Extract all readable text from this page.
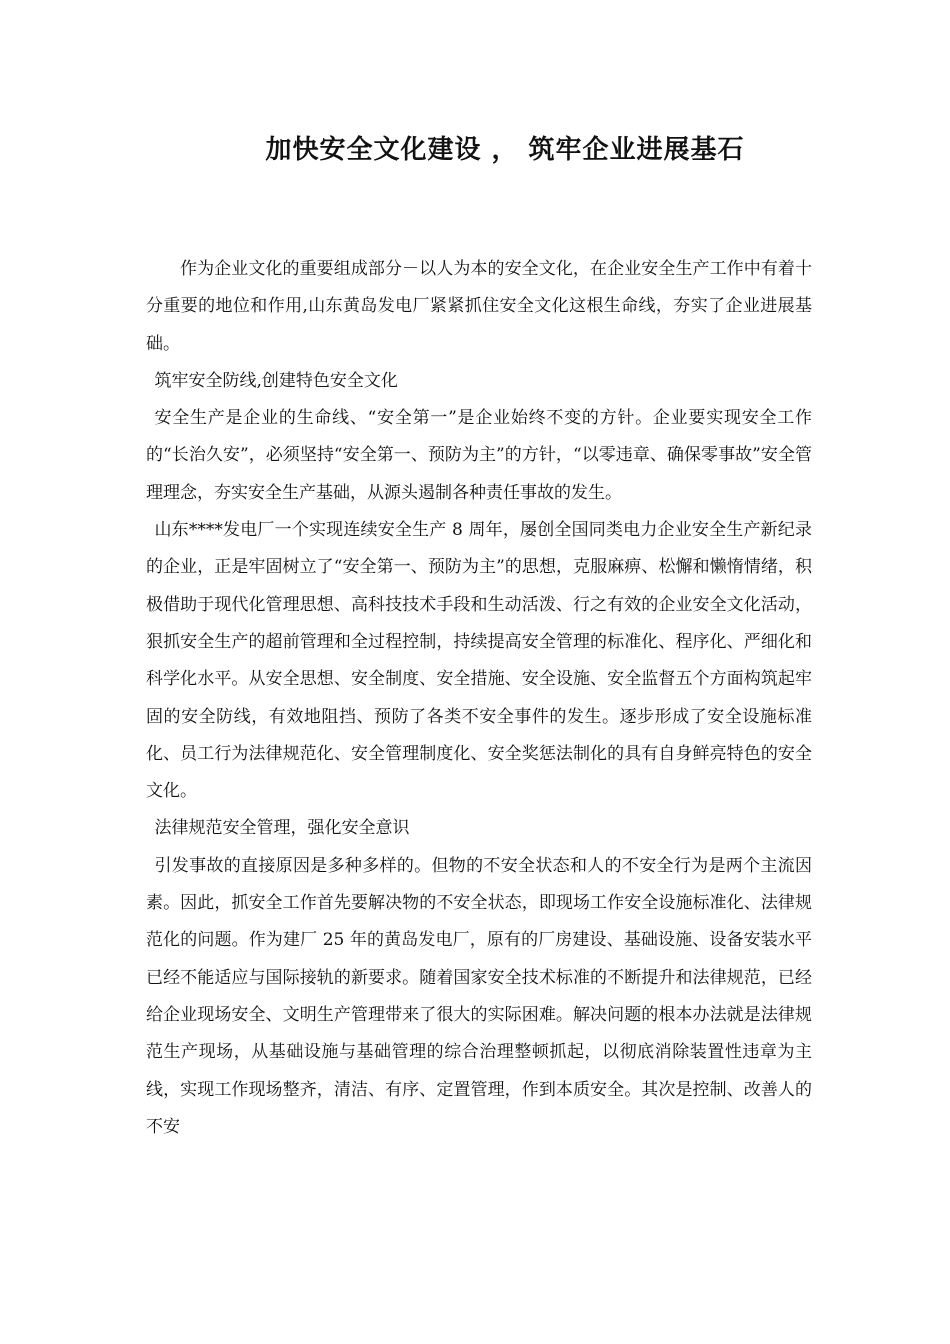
加快安全文化建设 ， 筑牢企业进展基石

作为企业文化的重要组成部分－以人为本的安全文化，在企业安全生产工作中有着十分重要的地位和作用,山东黄岛发电厂紧紧抓住安全文化这根生命线，夯实了企业进展基础。

筑牢安全防线,创建特色安全文化

安全生产是企业的生命线、“安全第一”是企业始终不变的方针。企业要实现安全工作的“长治久安”，必须坚持“安全第一、预防为主”的方针，“以零违章、确保零事故”安全管理理念，夯实安全生产基础，从源头遏制各种责任事故的发生。

山东****发电厂一个实现连续安全生产 8 周年，屡创全国同类电力企业安全生产新纪录的企业，正是牢固树立了“安全第一、预防为主”的思想，克服麻痹、松懈和懒惰情绪，积极借助于现代化管理思想、高科技技术手段和生动活泼、行之有效的企业安全文化活动，狠抓安全生产的超前管理和全过程控制，持续提高安全管理的标准化、程序化、严细化和科学化水平。从安全思想、安全制度、安全措施、安全设施、安全监督五个方面构筑起牢固的安全防线，有效地阻挡、预防了各类不安全事件的发生。逐步形成了安全设施标准化、员工行为法律规范化、安全管理制度化、安全奖惩法制化的具有自身鲜亮特色的安全文化。

法律规范安全管理，强化安全意识

引发事故的直接原因是多种多样的。但物的不安全状态和人的不安全行为是两个主流因素。因此，抓安全工作首先要解决物的不安全状态，即现场工作安全设施标准化、法律规范化的问题。作为建厂 25 年的黄岛发电厂，原有的厂房建设、基础设施、设备安装水平已经不能适应与国际接轨的新要求。随着国家安全技术标准的不断提升和法律规范，已经给企业现场安全、文明生产管理带来了很大的实际困难。解决问题的根本办法就是法律规范生产现场，从基础设施与基础管理的综合治理整顿抓起，以彻底消除装置性违章为主线，实现工作现场整齐，清洁、有序、定置管理，作到本质安全。其次是控制、改善人的不安
